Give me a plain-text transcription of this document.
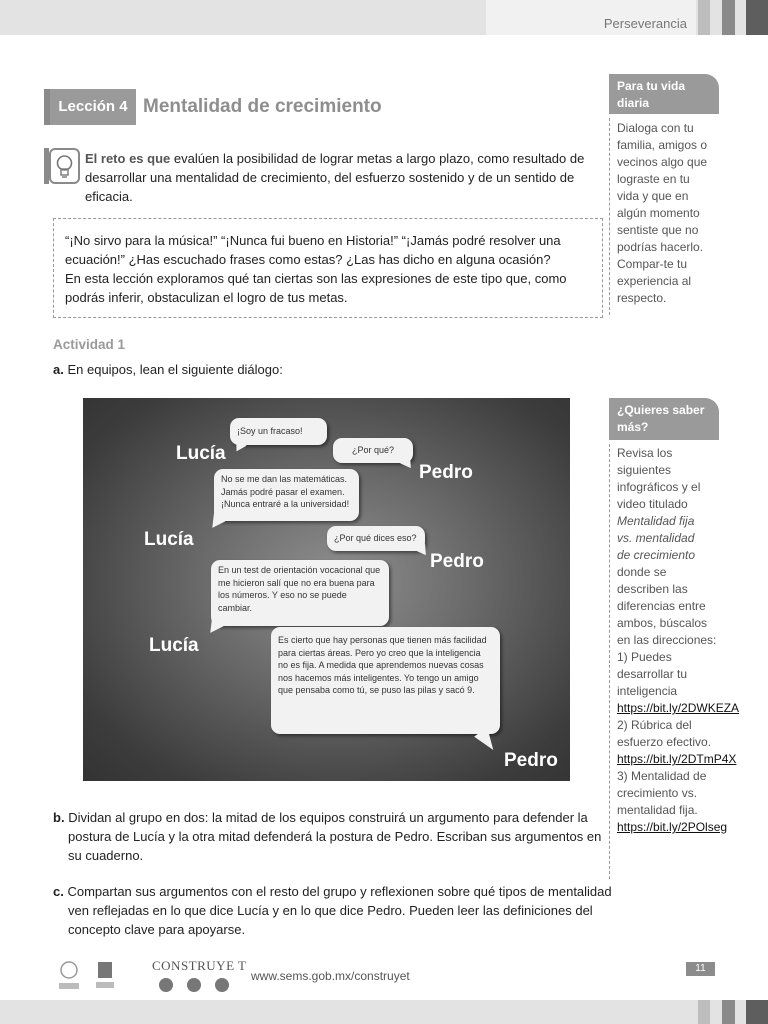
Perseverancia
Lección 4 Mentalidad de crecimiento
El reto es que evalúen la posibilidad de lograr metas a largo plazo, como resultado de desarrollar una mentalidad de crecimiento, del esfuerzo sostenido y de un sentido de eficacia.
“¡No sirvo para la música!” “¡Nunca fui bueno en Historia!” “¡Jamás podré resolver una ecuación!” ¿Has escuchado frases como estas? ¿Las has dicho en alguna ocasión?
En esta lección exploramos qué tan ciertas son las expresiones de este tipo que, como podrás inferir, obstaculizan el logro de tus metas.
Actividad 1
a. En equipos, lean el siguiente diálogo:
Lucía
Pedro
Lucía
Pedro
Lucía
Pedro
¡Soy un fracaso!
¿Por qué?
No se me dan las matemáticas. Jamás podré pasar el examen. ¡Nunca entraré a la universidad!
¿Por qué dices eso?
En un test de orientación vocacional que me hicieron salí que no era buena para los números. Y eso no se puede cambiar.
Es cierto que hay personas que tienen más facilidad para ciertas áreas. Pero yo creo que la inteligencia no es fija. A medida que aprendemos nuevas cosas nos hacemos más inteligentes. Yo tengo un amigo que pensaba como tú, se puso las pilas y sacó 9.
b. Dividan al grupo en dos: la mitad de los equipos construirá un argumento para defender la postura de Lucía y la otra mitad defenderá la postura de Pedro. Escriban sus argumentos en su cuaderno.
c. Compartan sus argumentos con el resto del grupo y reflexionen sobre qué tipos de mentalidad ven reflejadas en lo que dice Lucía y en lo que dice Pedro. Pueden leer las definiciones del concepto clave para apoyarse.
Para tu vida diaria
Dialoga con tu familia, amigos o vecinos algo que lograste en tu vida y que en algún momento sentiste que no podrías hacerlo. Compar-te tu experiencia al respecto.
¿Quieres saber más?
Revisa los siguientes infográficos y el video titulado
Mentalidad fija vs. mentalidad de crecimiento
donde se describen las diferencias entre ambos, búscalos en las direcciones:
1) Puedes desarrollar tu inteligencia
https://bit.ly/2DWKEZA
2) Rúbrica del esfuerzo efectivo.
https://bit.ly/2DTmP4X
3) Mentalidad de crecimiento vs. mentalidad fija.
https://bit.ly/2POlseg
CONSTRUYE T
www.sems.gob.mx/construyet
11
